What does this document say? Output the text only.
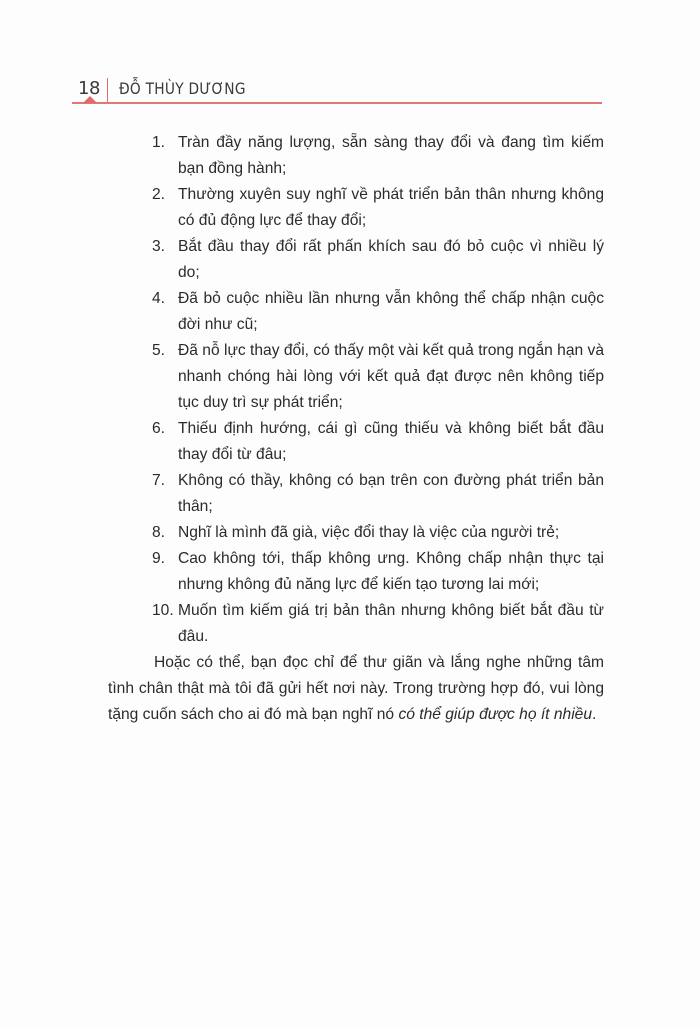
18 ĐỖ THÙY DƯƠNG
1. Tràn đầy năng lượng, sẵn sàng thay đổi và đang tìm kiếm bạn đồng hành;
2. Thường xuyên suy nghĩ về phát triển bản thân nhưng không có đủ động lực để thay đổi;
3. Bắt đầu thay đổi rất phấn khích sau đó bỏ cuộc vì nhiều lý do;
4. Đã bỏ cuộc nhiều lần nhưng vẫn không thể chấp nhận cuộc đời như cũ;
5. Đã nỗ lực thay đổi, có thấy một vài kết quả trong ngắn hạn và nhanh chóng hài lòng với kết quả đạt được nên không tiếp tục duy trì sự phát triển;
6. Thiếu định hướng, cái gì cũng thiếu và không biết bắt đầu thay đổi từ đâu;
7. Không có thầy, không có bạn trên con đường phát triển bản thân;
8. Nghĩ là mình đã già, việc đổi thay là việc của người trẻ;
9. Cao không tới, thấp không ưng. Không chấp nhận thực tại nhưng không đủ năng lực để kiến tạo tương lai mới;
10. Muốn tìm kiếm giá trị bản thân nhưng không biết bắt đầu từ đâu.

Hoặc có thể, bạn đọc chỉ để thư giãn và lắng nghe những tâm tình chân thật mà tôi đã gửi hết nơi này. Trong trường hợp đó, vui lòng tặng cuốn sách cho ai đó mà bạn nghĩ nó có thể giúp được họ ít nhiều.
